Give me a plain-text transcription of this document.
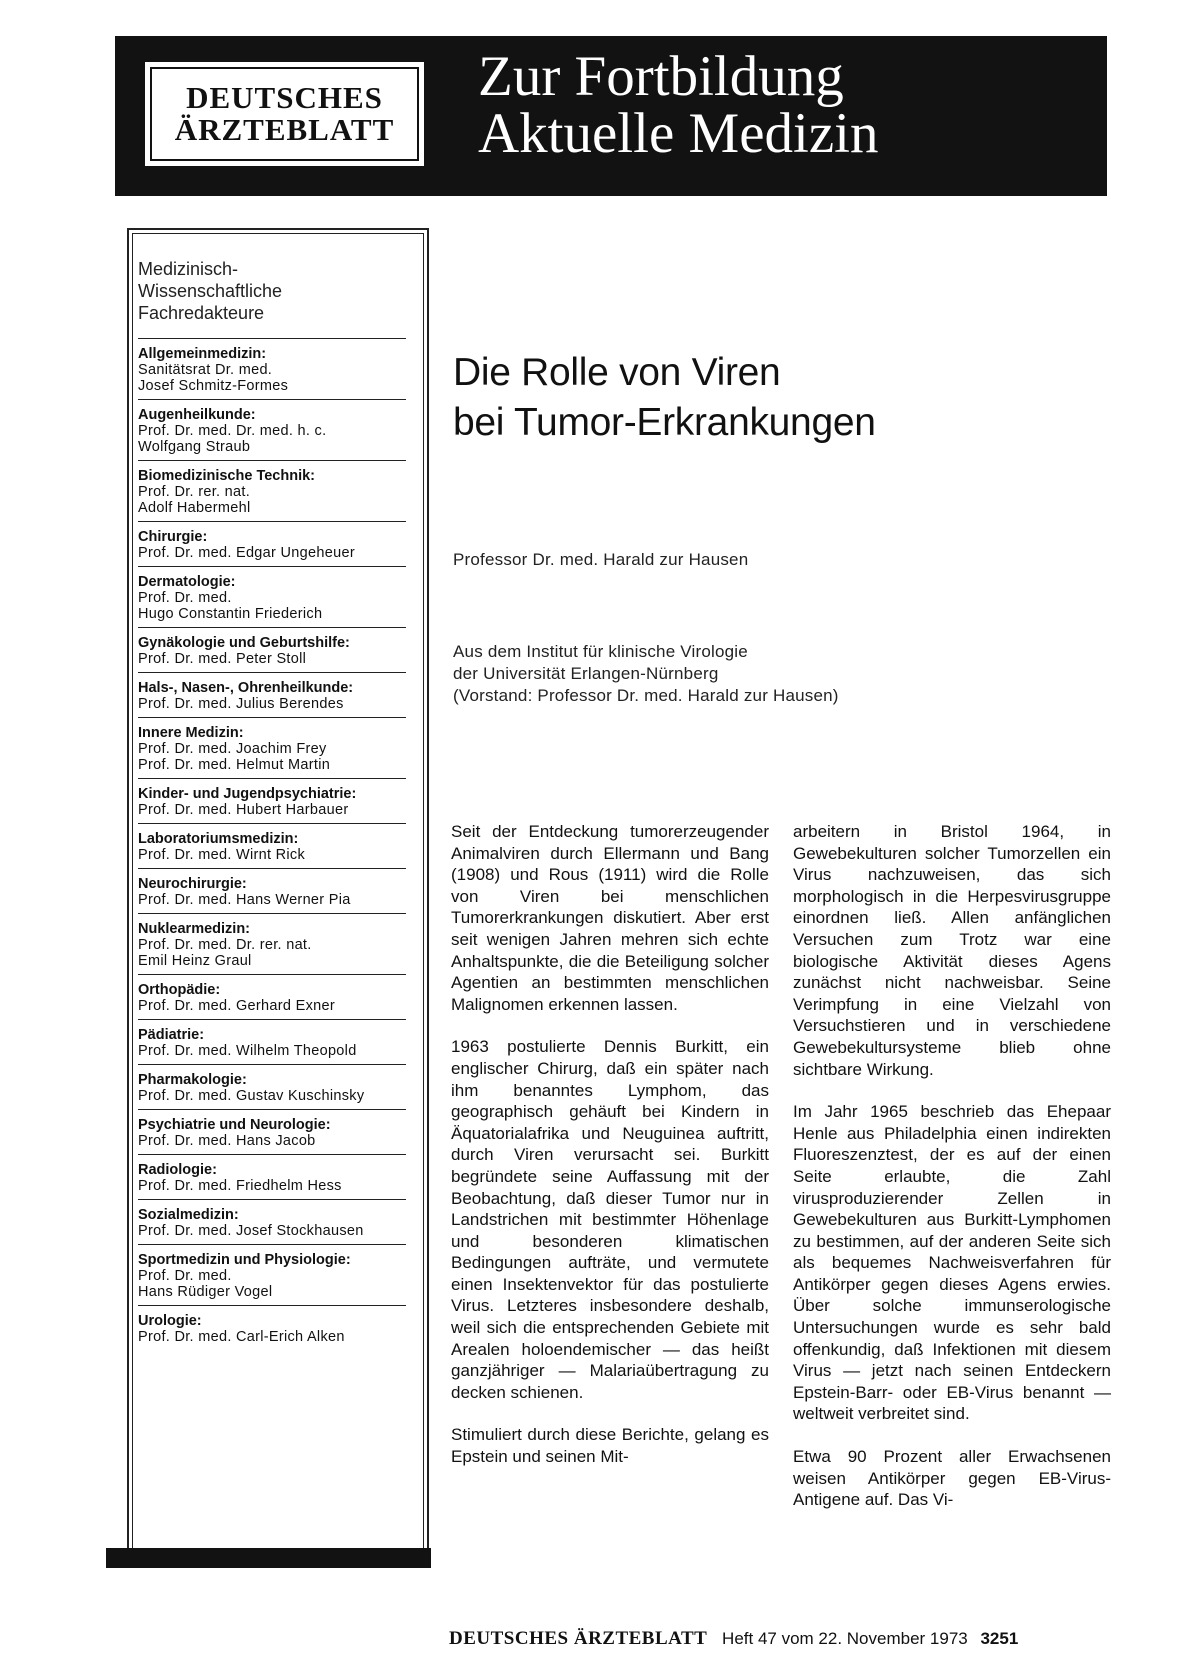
DEUTSCHES
ÄRZTEBLATT
Zur Fortbildung
Aktuelle Medizin
Medizinisch-
Wissenschaftliche
Fachredakteure
Allgemeinmedizin:
Sanitätsrat Dr. med.
Josef Schmitz-Formes
Augenheilkunde:
Prof. Dr. med. Dr. med. h. c.
Wolfgang Straub
Biomedizinische Technik:
Prof. Dr. rer. nat.
Adolf Habermehl
Chirurgie:
Prof. Dr. med. Edgar Ungeheuer
Dermatologie:
Prof. Dr. med.
Hugo Constantin Friederich
Gynäkologie und Geburtshilfe:
Prof. Dr. med. Peter Stoll
Hals-, Nasen-, Ohrenheilkunde:
Prof. Dr. med. Julius Berendes
Innere Medizin:
Prof. Dr. med. Joachim Frey
Prof. Dr. med. Helmut Martin
Kinder- und Jugendpsychiatrie:
Prof. Dr. med. Hubert Harbauer
Laboratoriumsmedizin:
Prof. Dr. med. Wirnt Rick
Neurochirurgie:
Prof. Dr. med. Hans Werner Pia
Nuklearmedizin:
Prof. Dr. med. Dr. rer. nat.
Emil Heinz Graul
Orthopädie:
Prof. Dr. med. Gerhard Exner
Pädiatrie:
Prof. Dr. med. Wilhelm Theopold
Pharmakologie:
Prof. Dr. med. Gustav Kuschinsky
Psychiatrie und Neurologie:
Prof. Dr. med. Hans Jacob
Radiologie:
Prof. Dr. med. Friedhelm Hess
Sozialmedizin:
Prof. Dr. med. Josef Stockhausen
Sportmedizin und Physiologie:
Prof. Dr. med.
Hans Rüdiger Vogel
Urologie:
Prof. Dr. med. Carl-Erich Alken
Die Rolle von Viren
bei Tumor-Erkrankungen
Professor Dr. med. Harald zur Hausen
Aus dem Institut für klinische Virologie
der Universität Erlangen-Nürnberg
(Vorstand: Professor Dr. med. Harald zur Hausen)

Seit der Entdeckung tumorerzeugender Animalviren durch Ellermann und Bang (1908) und Rous (1911) wird die Rolle von Viren bei menschlichen Tumorerkrankungen diskutiert. Aber erst seit wenigen Jahren mehren sich echte Anhaltspunkte, die die Beteiligung solcher Agentien an bestimmten menschlichen Malignomen erkennen lassen.

1963 postulierte Dennis Burkitt, ein englischer Chirurg, daß ein später nach ihm benanntes Lymphom, das geographisch gehäuft bei Kindern in Äquatorialafrika und Neuguinea auftritt, durch Viren verursacht sei. Burkitt begründete seine Auffassung mit der Beobachtung, daß dieser Tumor nur in Landstrichen mit bestimmter Höhenlage und besonderen klimatischen Bedingungen aufträte, und vermutete einen Insektenvektor für das postulierte Virus. Letzteres insbesondere deshalb, weil sich die entsprechenden Gebiete mit Arealen holoendemischer — das heißt ganzjähriger — Malariaübertragung zu decken schienen.

Stimuliert durch diese Berichte, gelang es Epstein und seinen Mit-

arbeitern in Bristol 1964, in Gewebekulturen solcher Tumorzellen ein Virus nachzuweisen, das sich morphologisch in die Herpesvirusgruppe einordnen ließ. Allen anfänglichen Versuchen zum Trotz war eine biologische Aktivität dieses Agens zunächst nicht nachweisbar. Seine Verimpfung in eine Vielzahl von Versuchstieren und in verschiedene Gewebekultursysteme blieb ohne sichtbare Wirkung.

Im Jahr 1965 beschrieb das Ehepaar Henle aus Philadelphia einen indirekten Fluoreszenztest, der es auf der einen Seite erlaubte, die Zahl virusproduzierender Zellen in Gewebekulturen aus Burkitt-Lymphomen zu bestimmen, auf der anderen Seite sich als bequemes Nachweisverfahren für Antikörper gegen dieses Agens erwies. Über solche immunserologische Untersuchungen wurde es sehr bald offenkundig, daß Infektionen mit diesem Virus — jetzt nach seinen Entdeckern Epstein-Barr- oder EB-Virus benannt — weltweit verbreitet sind.

Etwa 90 Prozent aller Erwachsenen weisen Antikörper gegen EB-Virus-Antigene auf. Das Vi-

DEUTSCHES ÄRZTEBLATT Heft 47 vom 22. November 1973 3251
